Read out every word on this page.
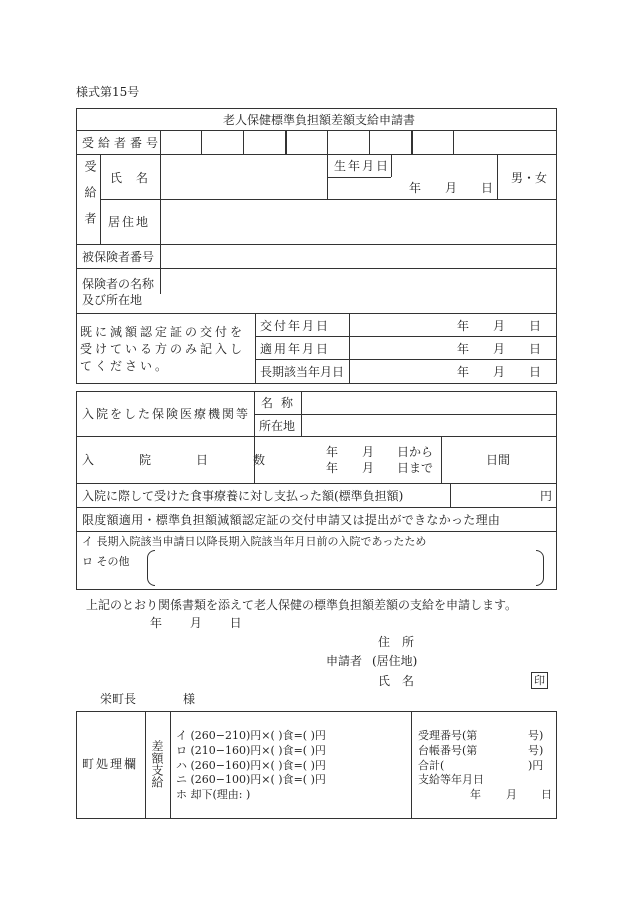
様式第15号
老人保健標準負担額差額支給申請書
受給者番号
受給者 氏名
生年月日
年 月 日
男・女
居住地
被保険者番号
保険者の名称
及び所在地
既に減額認定証の交付を受けている方のみ記入してください。
交付年月日	年 月 日
適用年月日	年 月 日
長期該当年月日	年 月 日
入院をした保険医療機関等
名称
所在地
入院日数
年 月 日から
年 月 日まで
日間
入院に際して受けた食事療養に対し支払った額(標準負担額)	円
限度額適用・標準負担額減額認定証の交付申請又は提出ができなかった理由
イ 長期入院該当申請日以降長期入院該当年月日前の入院であったため
ロ その他
上記のとおり関係書類を添えて老人保健の標準負担額差額の支給を申請します。
年 月 日
住所
申請者 (居住地)
氏名	印
栄町長	様
町処理欄 差額支給
イ (260−210)円×( )食=( )円
ロ (210−160)円×( )食=( )円
ハ (260−160)円×( )食=( )円
ニ (260−100)円×( )食=( )円
ホ 却下(理由: )
受理番号(第	号)
台帳番号(第	号)
合計(	)円
支給等年月日
年 月 日
